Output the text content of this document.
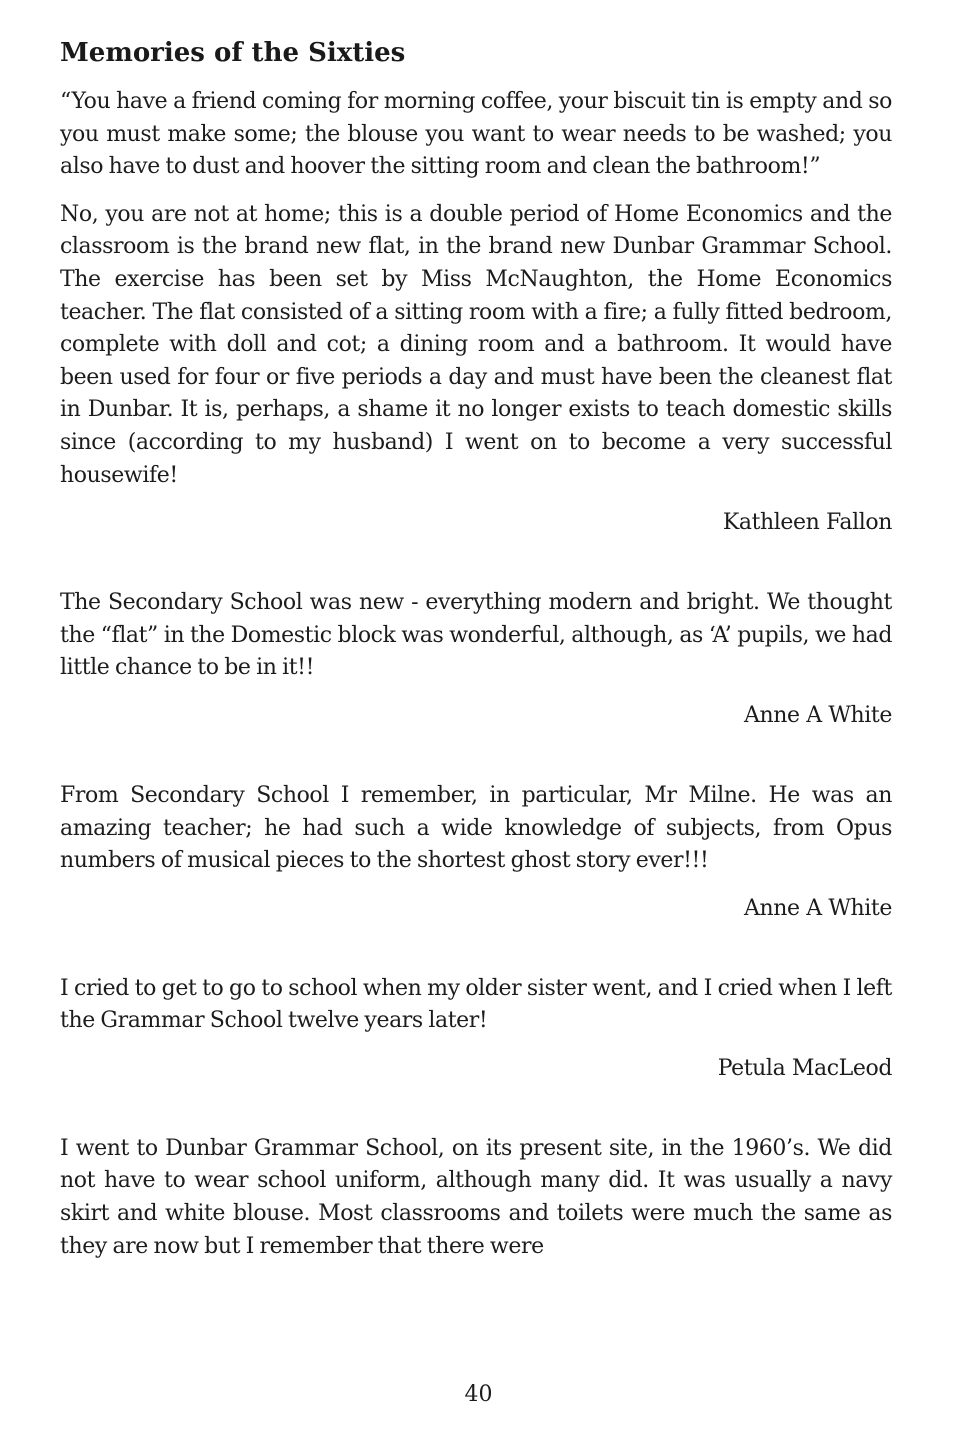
Memories of the Sixties

“You have a friend coming for morning coffee, your biscuit tin is empty and so you must make some; the blouse you want to wear needs to be washed; you also have to dust and hoover the sitting room and clean the bathroom!”

No, you are not at home; this is a double period of Home Economics and the classroom is the brand new flat, in the brand new Dunbar Grammar School. The exercise has been set by Miss McNaughton, the Home Economics teacher. The flat consisted of a sitting room with a fire; a fully fitted bedroom, complete with doll and cot; a dining room and a bathroom. It would have been used for four or five periods a day and must have been the cleanest flat in Dunbar. It is, perhaps, a shame it no longer exists to teach domestic skills since (according to my husband) I went on to become a very successful housewife!

Kathleen Fallon

The Secondary School was new - everything modern and bright. We thought the “flat” in the Domestic block was wonderful, although, as ‘A’ pupils, we had little chance to be in it!!

Anne A White

From Secondary School I remember, in particular, Mr Milne. He was an amazing teacher; he had such a wide knowledge of subjects, from Opus numbers of musical pieces to the shortest ghost story ever!!!

Anne A White

I cried to get to go to school when my older sister went, and I cried when I left the Grammar School twelve years later!

Petula MacLeod

I went to Dunbar Grammar School, on its present site, in the 1960’s. We did not have to wear school uniform, although many did. It was usually a navy skirt and white blouse. Most classrooms and toilets were much the same as they are now but I remember that there were

40
